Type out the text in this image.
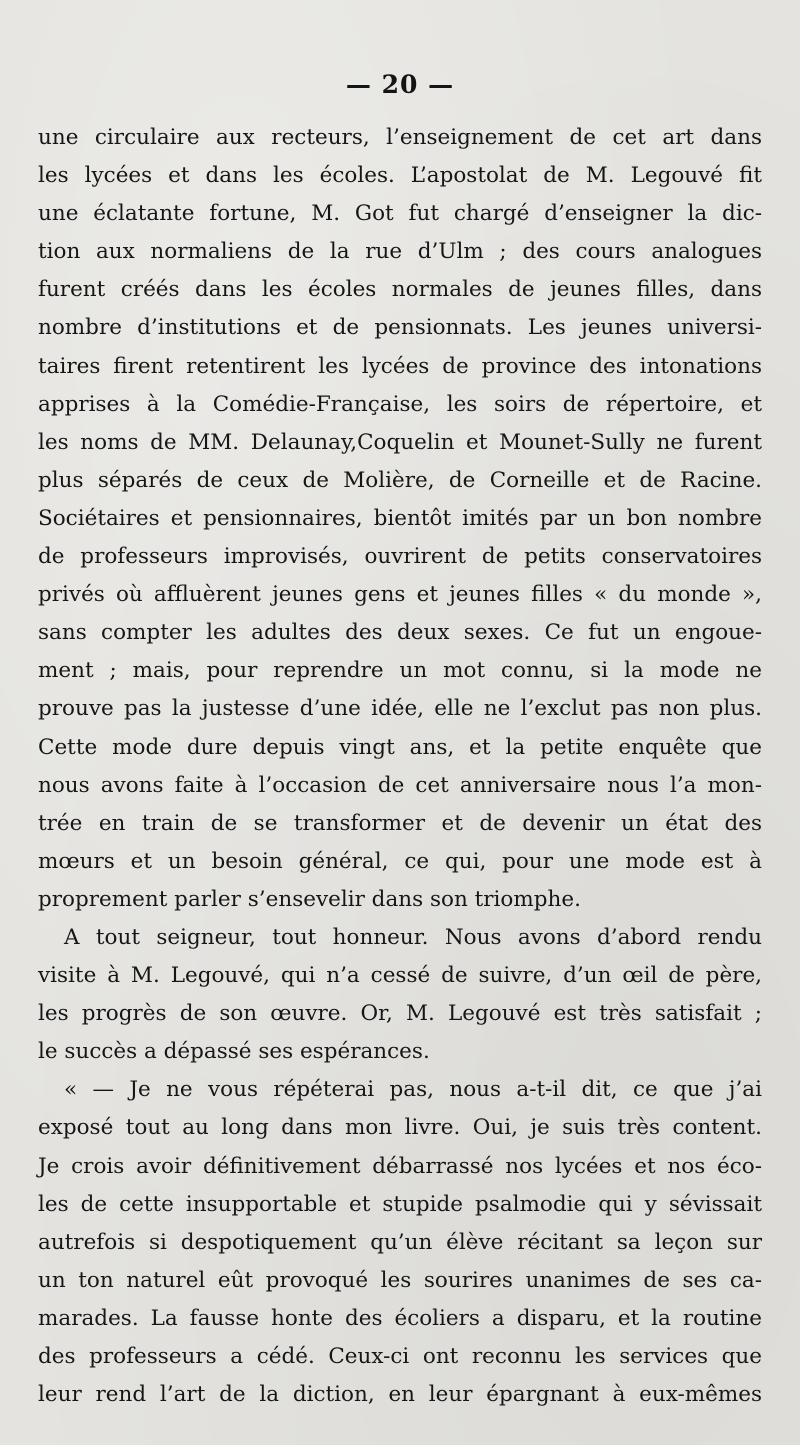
— 20 —
une circulaire aux recteurs, l’enseignement de cet art dans
les lycées et dans les écoles. L’apostolat de M. Legouvé fit
une éclatante fortune, M. Got fut chargé d’enseigner la dic-
tion aux normaliens de la rue d’Ulm ; des cours analogues
furent créés dans les écoles normales de jeunes filles, dans
nombre d’institutions et de pensionnats. Les jeunes universi-
taires firent retentirent les lycées de province des intonations
apprises à la Comédie-Française, les soirs de répertoire, et
les noms de MM. Delaunay,Coquelin et Mounet-Sully ne furent
plus séparés de ceux de Molière, de Corneille et de Racine.
Sociétaires et pensionnaires, bientôt imités par un bon nombre
de professeurs improvisés, ouvrirent de petits conservatoires
privés où affluèrent jeunes gens et jeunes filles « du monde »,
sans compter les adultes des deux sexes. Ce fut un engoue-
ment ; mais, pour reprendre un mot connu, si la mode ne
prouve pas la justesse d’une idée, elle ne l’exclut pas non plus.
Cette mode dure depuis vingt ans, et la petite enquête que
nous avons faite à l’occasion de cet anniversaire nous l’a mon-
trée en train de se transformer et de devenir un état des
mœurs et un besoin général, ce qui, pour une mode est à
proprement parler s’ensevelir dans son triomphe.
A tout seigneur, tout honneur. Nous avons d’abord rendu
visite à M. Legouvé, qui n’a cessé de suivre, d’un œil de père,
les progrès de son œuvre. Or, M. Legouvé est très satisfait ;
le succès a dépassé ses espérances.
« — Je ne vous répéterai pas, nous a-t-il dit, ce que j’ai
exposé tout au long dans mon livre. Oui, je suis très content.
Je crois avoir définitivement débarrassé nos lycées et nos éco-
les de cette insupportable et stupide psalmodie qui y sévissait
autrefois si despotiquement qu’un élève récitant sa leçon sur
un ton naturel eût provoqué les sourires unanimes de ses ca-
marades. La fausse honte des écoliers a disparu, et la routine
des professeurs a cédé. Ceux-ci ont reconnu les services que
leur rend l’art de la diction, en leur épargnant à eux-mêmes
